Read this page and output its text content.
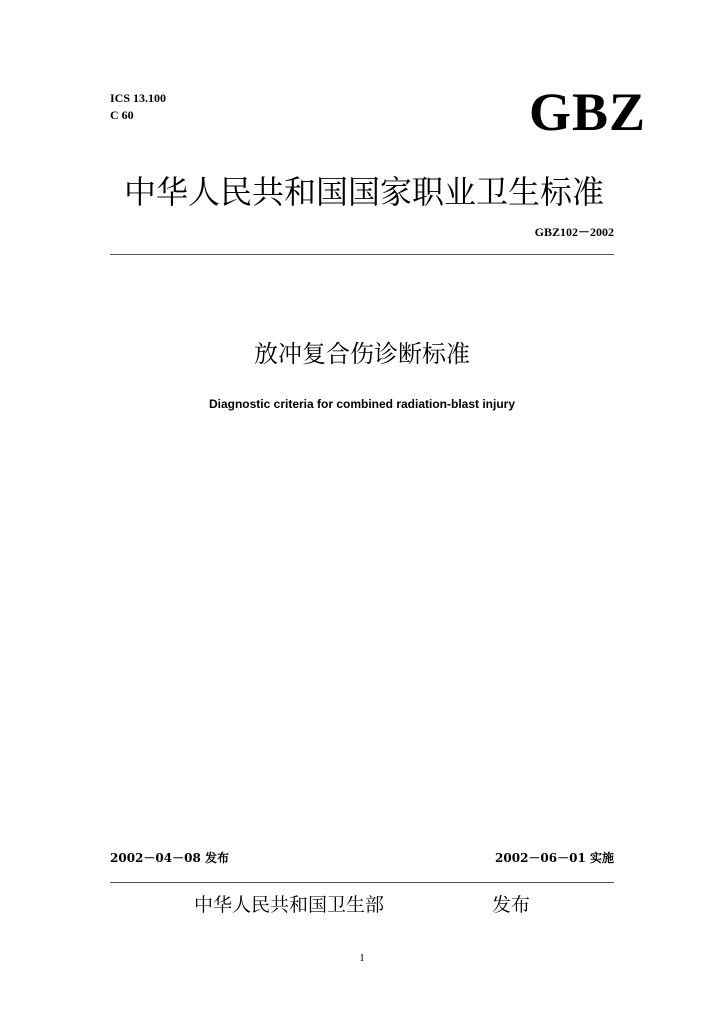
ICS 13.100
C 60	GBZ
中华人民共和国国家职业卫生标准
GBZ102－2002
放冲复合伤诊断标准
Diagnostic criteria for combined radiation-blast injury
2002－04－08 发布	2002－06－01 实施
中华人民共和国卫生部	发布
1
